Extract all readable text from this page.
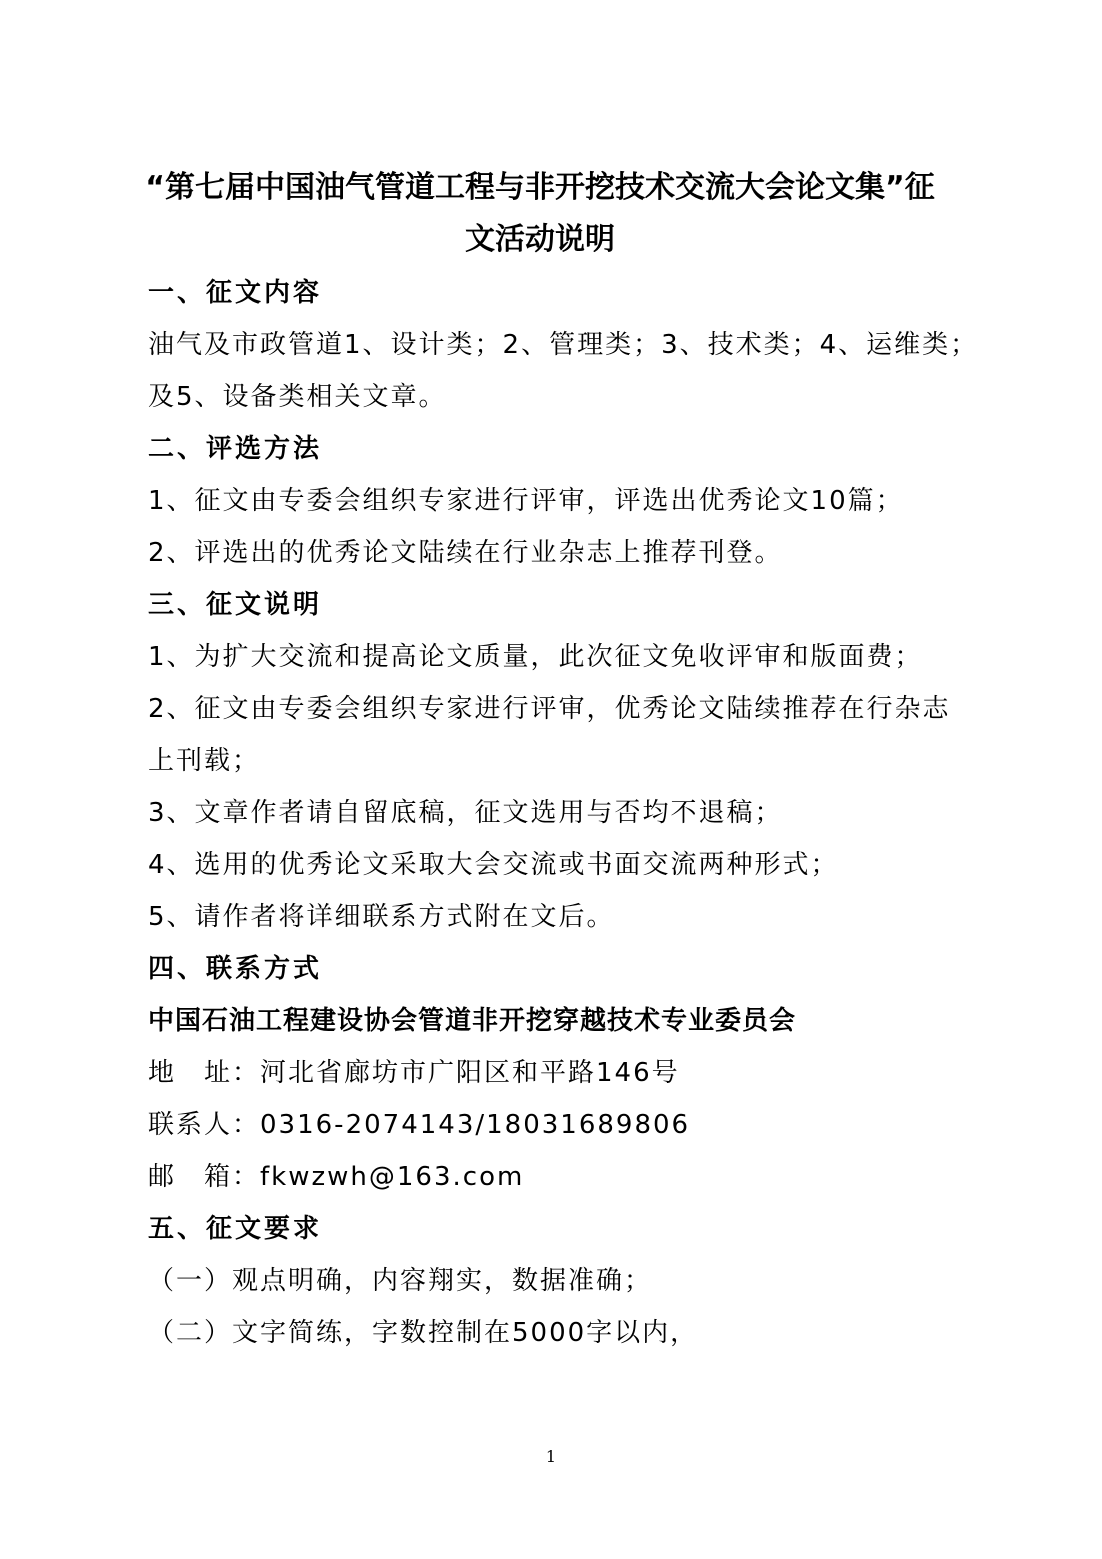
“第七届中国油气管道工程与非开挖技术交流大会论文集”征
文活动说明
一、征文内容
油气及市政管道1、设计类；2、管理类；3、技术类；4、运维类；
及5、设备类相关文章。
二、评选方法
1、征文由专委会组织专家进行评审，评选出优秀论文10篇；
2、评选出的优秀论文陆续在行业杂志上推荐刊登。
三、征文说明
1、为扩大交流和提高论文质量，此次征文免收评审和版面费；
2、征文由专委会组织专家进行评审，优秀论文陆续推荐在行杂志
上刊载；
3、文章作者请自留底稿，征文选用与否均不退稿；
4、选用的优秀论文采取大会交流或书面交流两种形式；
5、请作者将详细联系方式附在文后。
四、联系方式
中国石油工程建设协会管道非开挖穿越技术专业委员会
地　址：河北省廊坊市广阳区和平路146号
联系人：0316-2074143/18031689806
邮　箱：fkwzwh@163.com
五、征文要求
（一）观点明确，内容翔实，数据准确；
（二）文字简练，字数控制在5000字以内，
1
